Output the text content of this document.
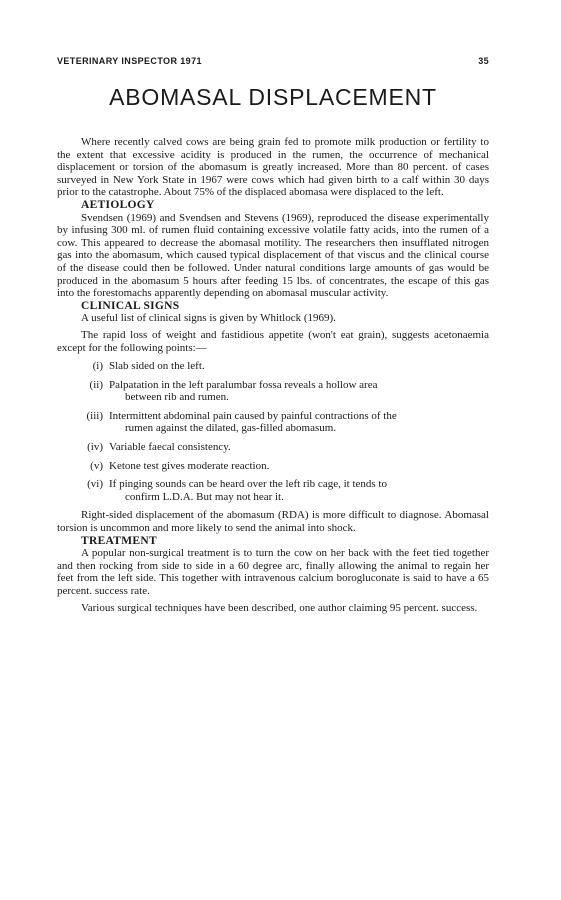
VETERINARY INSPECTOR 1971	35
ABOMASAL DISPLACEMENT

Where recently calved cows are being grain fed to promote milk production or fertility to the extent that excessive acidity is produced in the rumen, the occurrence of mechanical displacement or torsion of the abomasum is greatly increased. More than 80 percent. of cases surveyed in New York State in 1967 were cows which had given birth to a calf within 30 days prior to the catastrophe. About 75% of the displaced abomasa were displaced to the left.

AETIOLOGY

Svendsen (1969) and Svendsen and Stevens (1969), reproduced the disease experimentally by infusing 300 ml. of rumen fluid containing excessive volatile fatty acids, into the rumen of a cow. This appeared to decrease the abomasal motility. The researchers then insufflated nitrogen gas into the abomasum, which caused typical displacement of that viscus and the clinical course of the disease could then be followed. Under natural conditions large amounts of gas would be produced in the abomasum 5 hours after feeding 15 lbs. of concentrates, the escape of this gas into the forestomachs apparently depending on abomasal muscular activity.

CLINICAL SIGNS

A useful list of clinical signs is given by Whitlock (1969).

The rapid loss of weight and fastidious appetite (won't eat grain), suggests acetonaemia except for the following points:—

(i) Slab sided on the left.
(ii) Palpatation in the left paralumbar fossa reveals a hollow area
between rib and rumen.
(iii) Intermittent abdominal pain caused by painful contractions of the
rumen against the dilated, gas-filled abomasum.
(iv) Variable faecal consistency.
(v) Ketone test gives moderate reaction.
(vi) If pinging sounds can be heard over the left rib cage, it tends to
confirm L.D.A. But may not hear it.

Right-sided displacement of the abomasum (RDA) is more difficult to diagnose. Abomasal torsion is uncommon and more likely to send the animal into shock.

TREATMENT

A popular non-surgical treatment is to turn the cow on her back with the feet tied together and then rocking from side to side in a 60 degree arc, finally allowing the animal to regain her feet from the left side. This together with intravenous calcium borogluconate is said to have a 65 percent. success rate.

Various surgical techniques have been described, one author claiming 95 percent. success.
